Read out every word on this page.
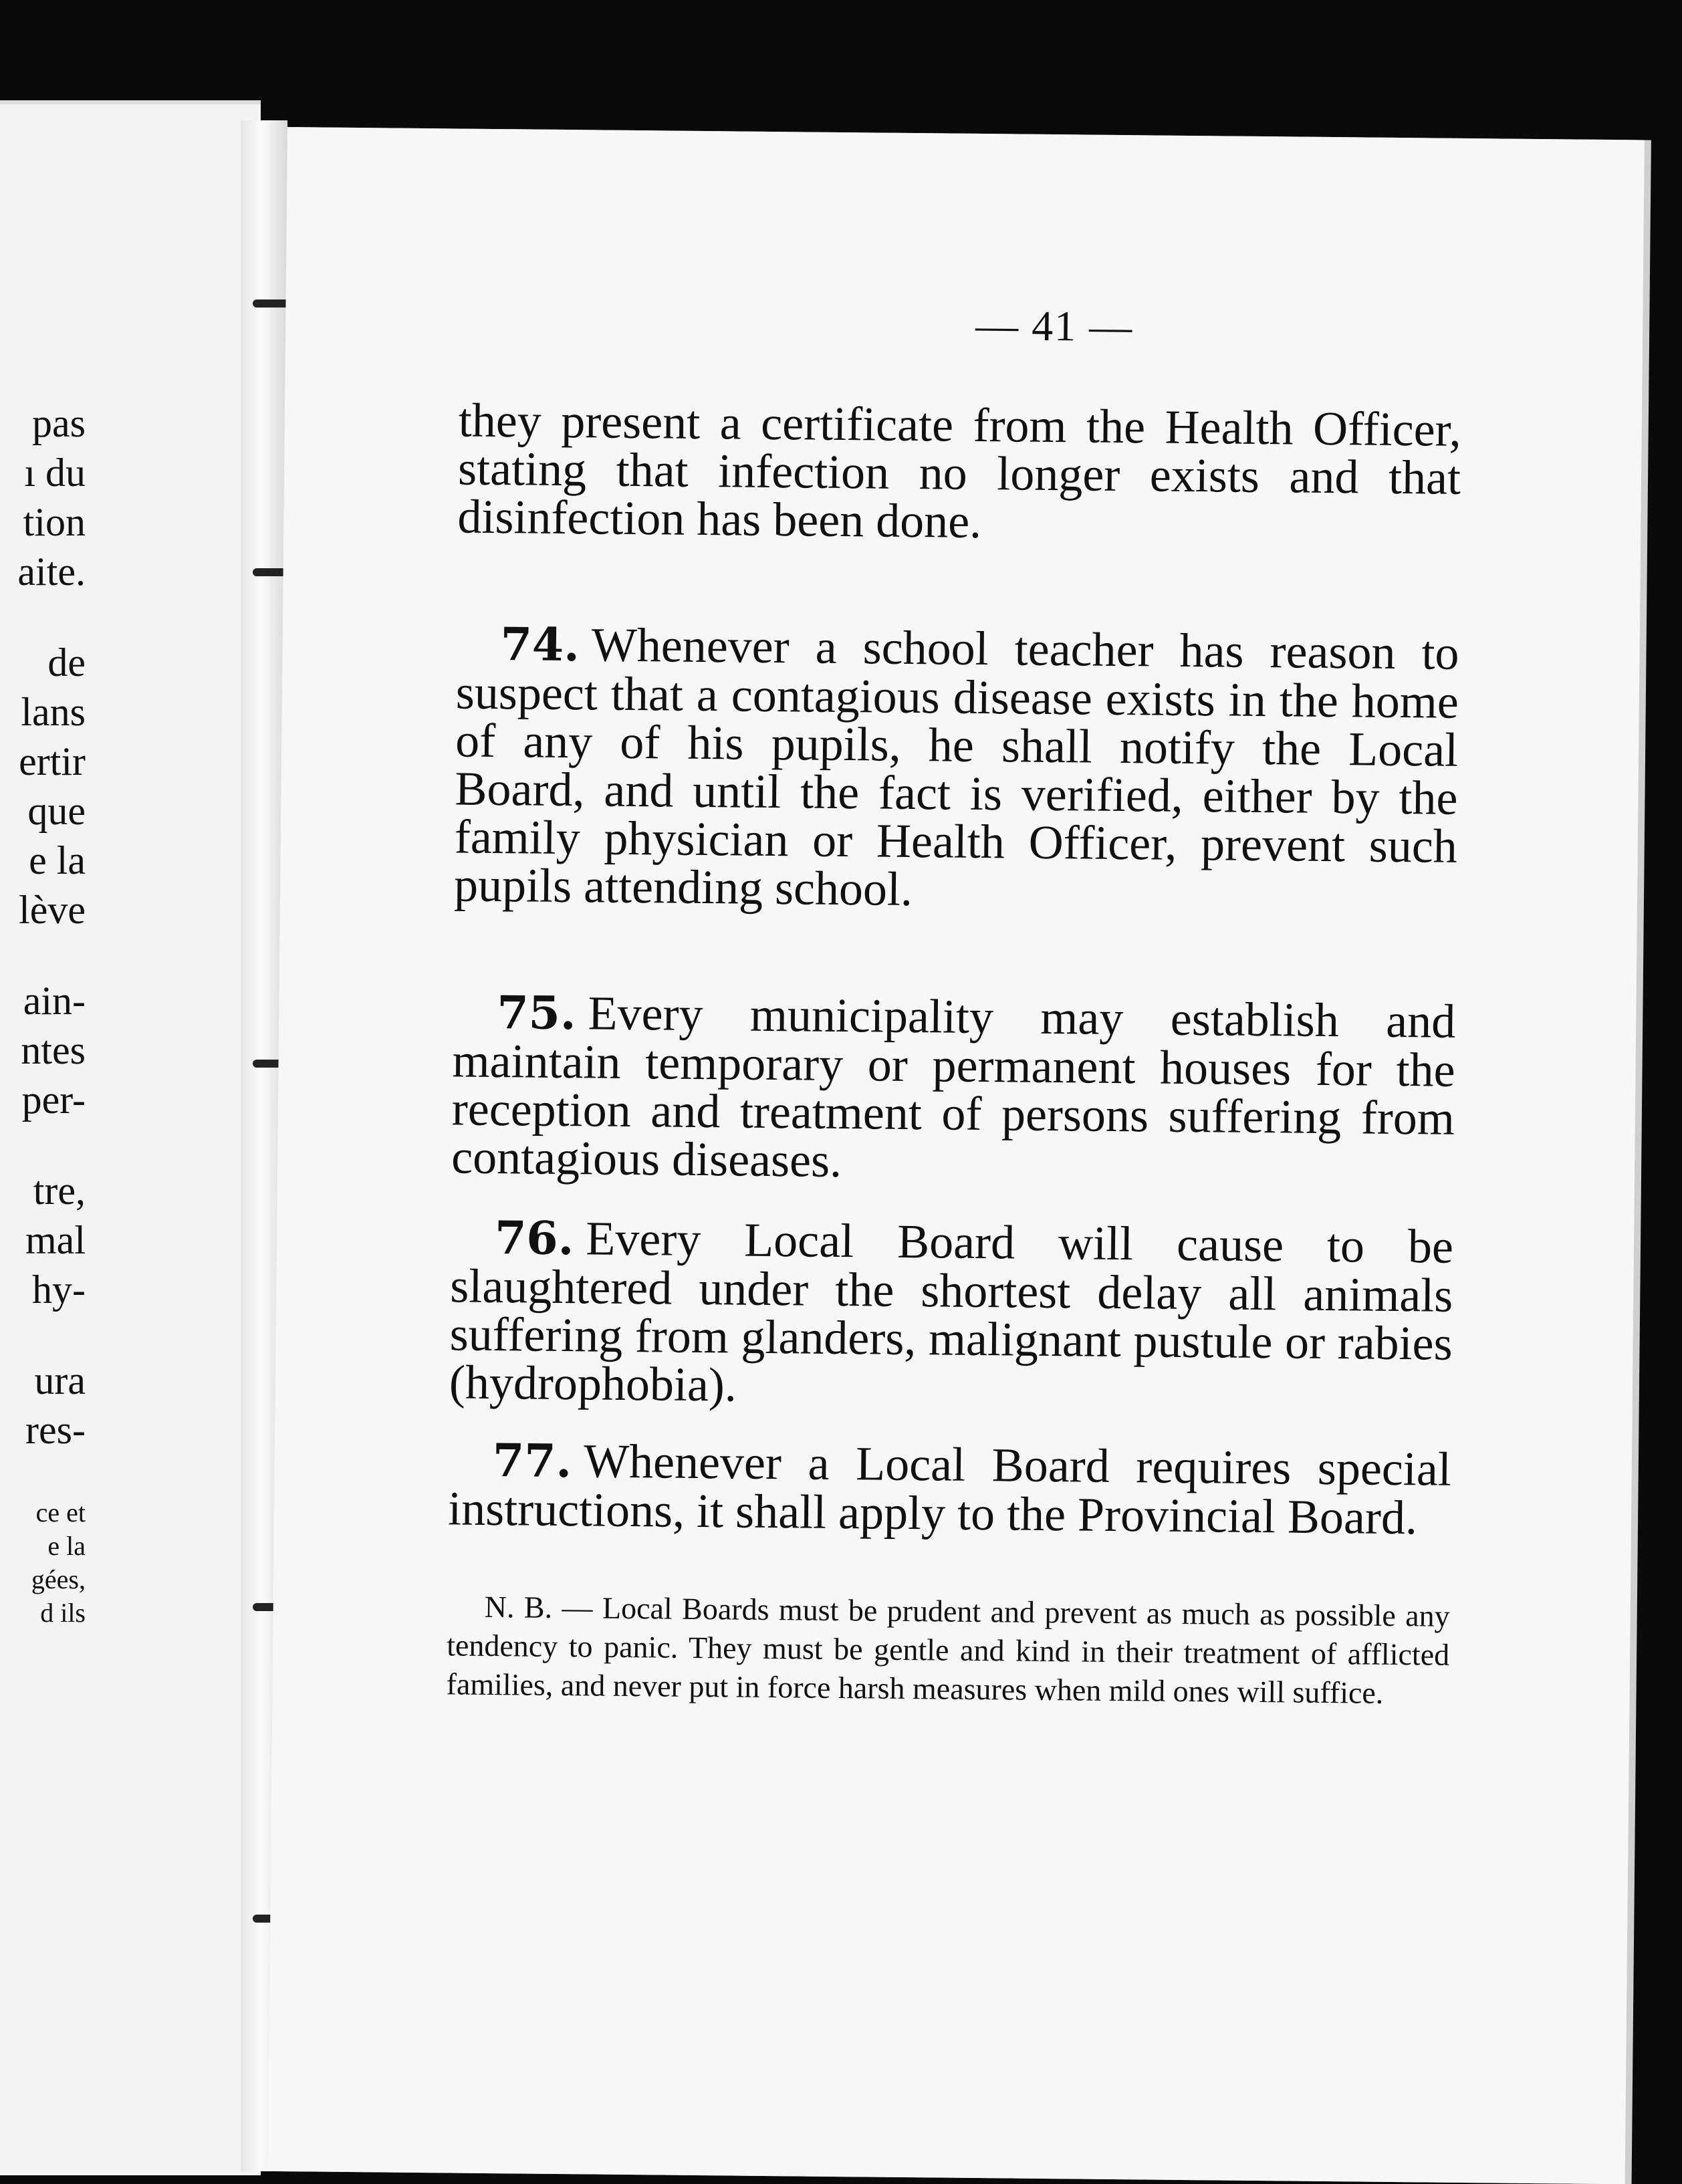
pas
ı du
tion
aite.
de
lans
ertir
que
e la
lève
ain-
ntes
per-
tre,
mal
hy-
ura
res-
ce et
e la
gées,
d ils
— 41 —

they present a certificate from the Health Officer, stating that infection no longer exists and that disinfection has been done.

74. Whenever a school teacher has reason to suspect that a contagious disease exists in the home of any of his pupils, he shall notify the Local Board, and until the fact is verified, either by the family physician or Health Officer, prevent such pupils attending school.

75. Every municipality may establish and maintain temporary or permanent houses for the reception and treatment of persons suffering from contagious diseases.

76. Every Local Board will cause to be slaughtered under the shortest delay all animals suffering from glanders, malignant pustule or rabies (hydrophobia).

77. Whenever a Local Board requires special instructions, it shall apply to the Provincial Board.

N. B. — Local Boards must be prudent and prevent as much as possible any tendency to panic. They must be gentle and kind in their treatment of afflicted families, and never put in force harsh measures when mild ones will suffice.
